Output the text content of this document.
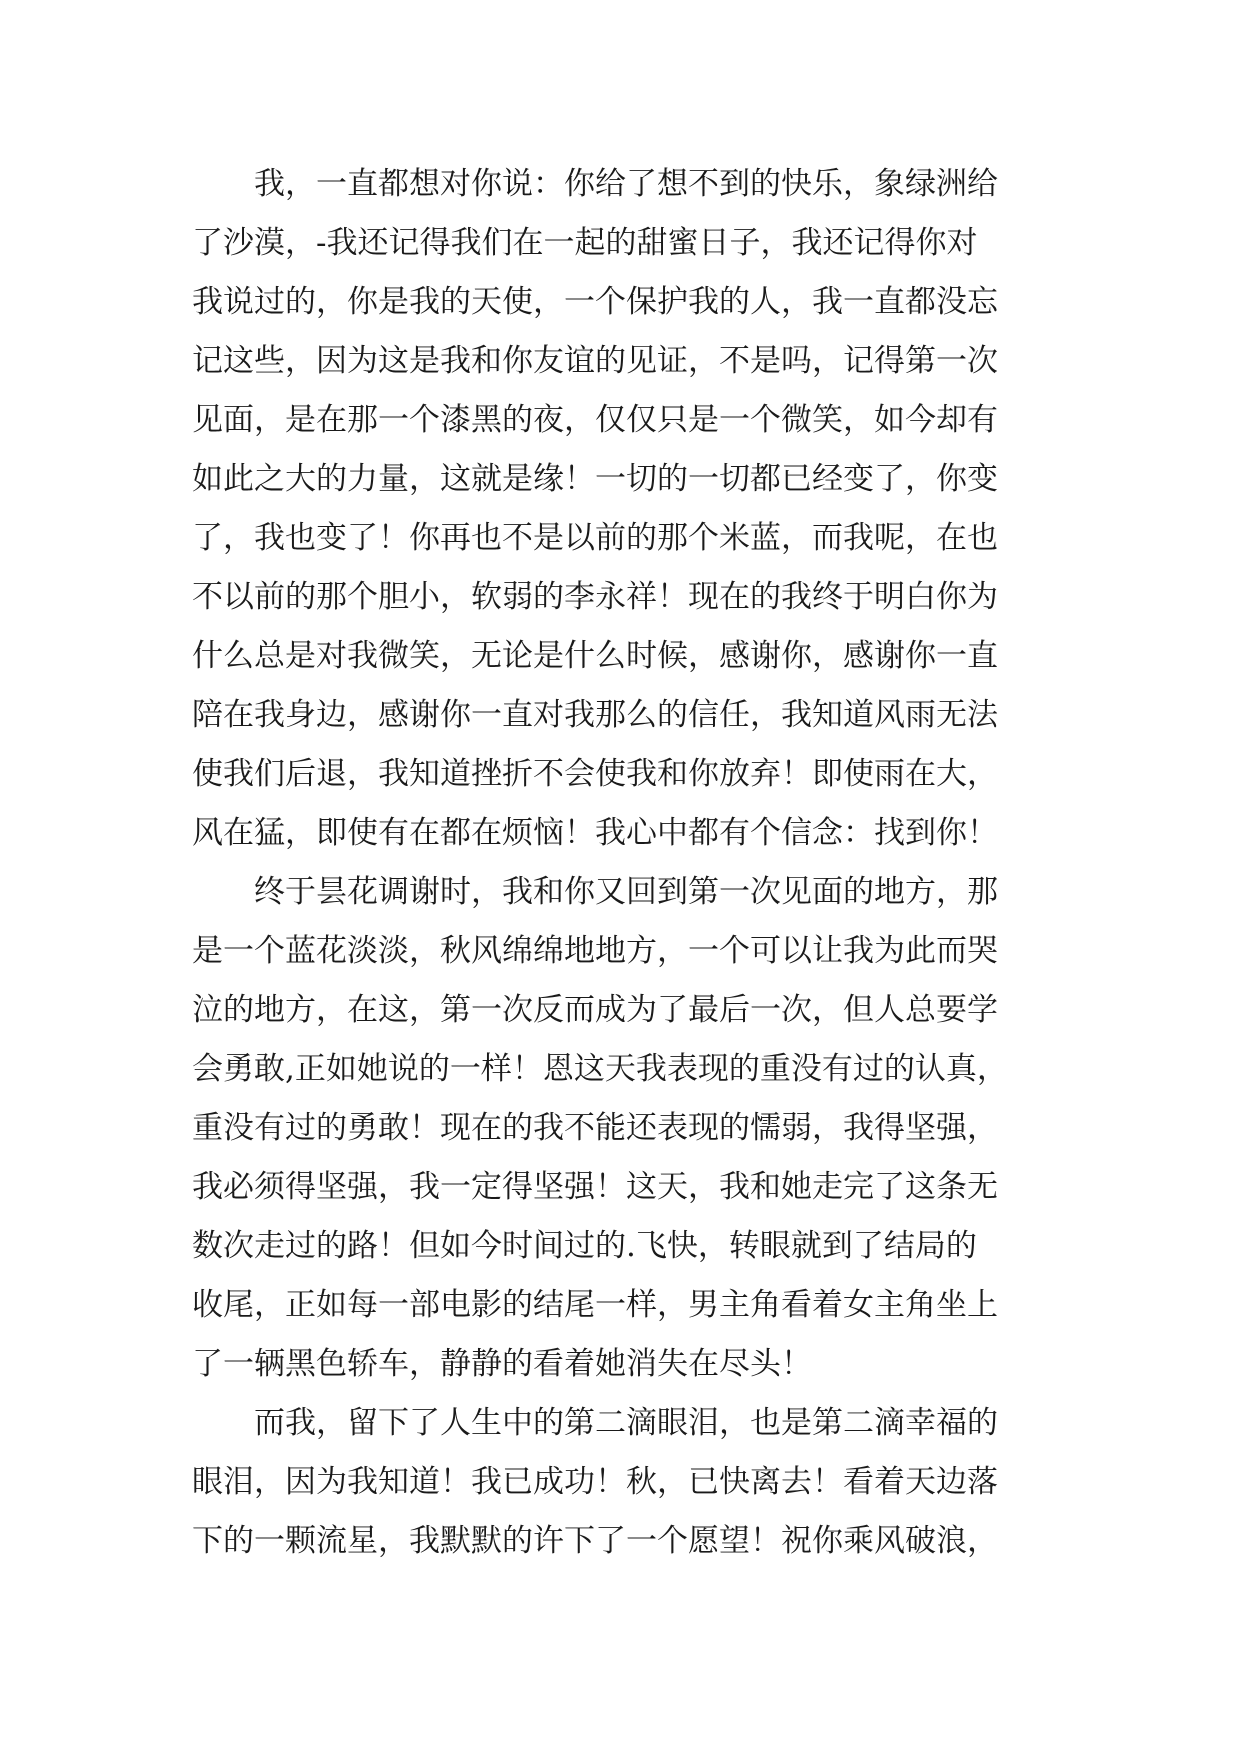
　　我，一直都想对你说：你给了想不到的快乐，象绿洲给
了沙漠，-我还记得我们在一起的甜蜜日子，我还记得你对
我说过的，你是我的天使，一个保护我的人，我一直都没忘
记这些，因为这是我和你友谊的见证，不是吗，记得第一次
见面，是在那一个漆黑的夜，仅仅只是一个微笑，如今却有
如此之大的力量，这就是缘！一切的一切都已经变了，你变
了，我也变了！你再也不是以前的那个米蓝，而我呢，在也
不以前的那个胆小，软弱的李永祥！现在的我终于明白你为
什么总是对我微笑，无论是什么时候，感谢你，感谢你一直
陪在我身边，感谢你一直对我那么的信任，我知道风雨无法
使我们后退，我知道挫折不会使我和你放弃！即使雨在大，
风在猛，即使有在都在烦恼！我心中都有个信念：找到你！
　　终于昙花调谢时，我和你又回到第一次见面的地方，那
是一个蓝花淡淡，秋风绵绵地地方，一个可以让我为此而哭
泣的地方，在这，第一次反而成为了最后一次，但人总要学
会勇敢,正如她说的一样！恩这天我表现的重没有过的认真，
重没有过的勇敢！现在的我不能还表现的懦弱，我得坚强，
我必须得坚强，我一定得坚强！这天，我和她走完了这条无
数次走过的路！但如今时间过的.飞快，转眼就到了结局的
收尾，正如每一部电影的结尾一样，男主角看着女主角坐上
了一辆黑色轿车，静静的看着她消失在尽头！
　　而我，留下了人生中的第二滴眼泪，也是第二滴幸福的
眼泪，因为我知道！我已成功！秋，已快离去！看着天边落
下的一颗流星，我默默的许下了一个愿望！祝你乘风破浪，
